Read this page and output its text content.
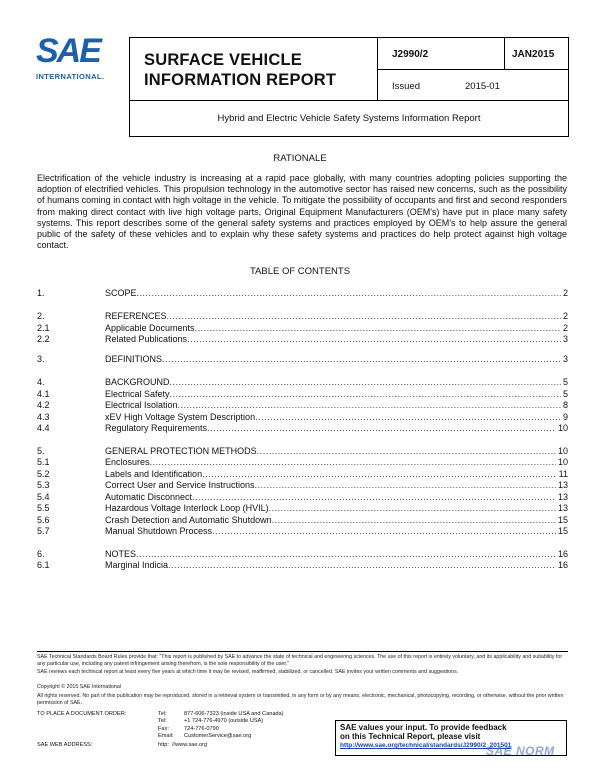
SAE
INTERNATIONAL.
SURFACE VEHICLE
INFORMATION REPORT
J2990/2	JAN2015
Issued	2015-01
Hybrid and Electric Vehicle Safety Systems Information Report
RATIONALE

Electrification of the vehicle industry is increasing at a rapid pace globally, with many countries adopting policies supporting the adoption of electrified vehicles. This propulsion technology in the automotive sector has raised new concerns, such as the possibility of humans coming in contact with high voltage in the vehicle. To mitigate the possibility of occupants and first and second responders from making direct contact with live high voltage parts, Original Equipment Manufacturers (OEM's) have put in place many safety systems. This report describes some of the general safety systems and practices employed by OEM's to help assure the general public of the safety of these vehicles and to explain why these safety systems and practices do help protect against high voltage contact.

TABLE OF CONTENTS
1.	SCOPE .....	2
2.	REFERENCES .....	2
2.1	Applicable Documents .....	2
2.2	Related Publications .....	3
3.	DEFINITIONS .....	3
4.	BACKGROUND .....	5
4.1	Electrical Safety .....	5
4.2	Electrical Isolation .....	8
4.3	xEV High Voltage System Description .....	9
4.4	Regulatory Requirements .....	10
5.	GENERAL PROTECTION METHODS .....	10
5.1	Enclosures .....	10
5.2	Labels and Identification .....	11
5.3	Correct User and Service Instructions .....	13
5.4	Automatic Disconnect .....	13
5.5	Hazardous Voltage Interlock Loop (HVIL) .....	13
5.6	Crash Detection and Automatic Shutdown .....	15
5.7	Manual Shutdown Process .....	15
6.	NOTES .....	16
6.1	Marginal Indicia .....	16
SAE Technical Standards Board Rules provide that: "This report is published by SAE to advance the state of technical and engineering sciences. The use of this report is entirely voluntary, and its applicability and suitability for any particular use, including any patent infringement arising therefrom, is the sole responsibility of the user."
SAE reviews each technical report at least every five years at which time it may be revised, reaffirmed, stabilized, or cancelled. SAE invites your written comments and suggestions.
Copyright © 2015 SAE International
All rights reserved. No part of this publication may be reproduced, stored in a retrieval system or transmitted, in any form or by any means, electronic, mechanical, photocopying, recording, or otherwise, without the prior written permission of SAE.
TO PLACE A DOCUMENT ORDER:	Tel:	877-606-7323 (inside USA and Canada)
Tel:	+1 724-776-4970 (outside USA)
Fax:	724-776-0790
Email: CustomerService@sae.org
SAE WEB ADDRESS:	http: //www.sae.org
SAE values your input. To provide feedback
on this Technical Report, please visit
http://www.sae.org/technical/standards/J2990/2_201501
SAE NORM
